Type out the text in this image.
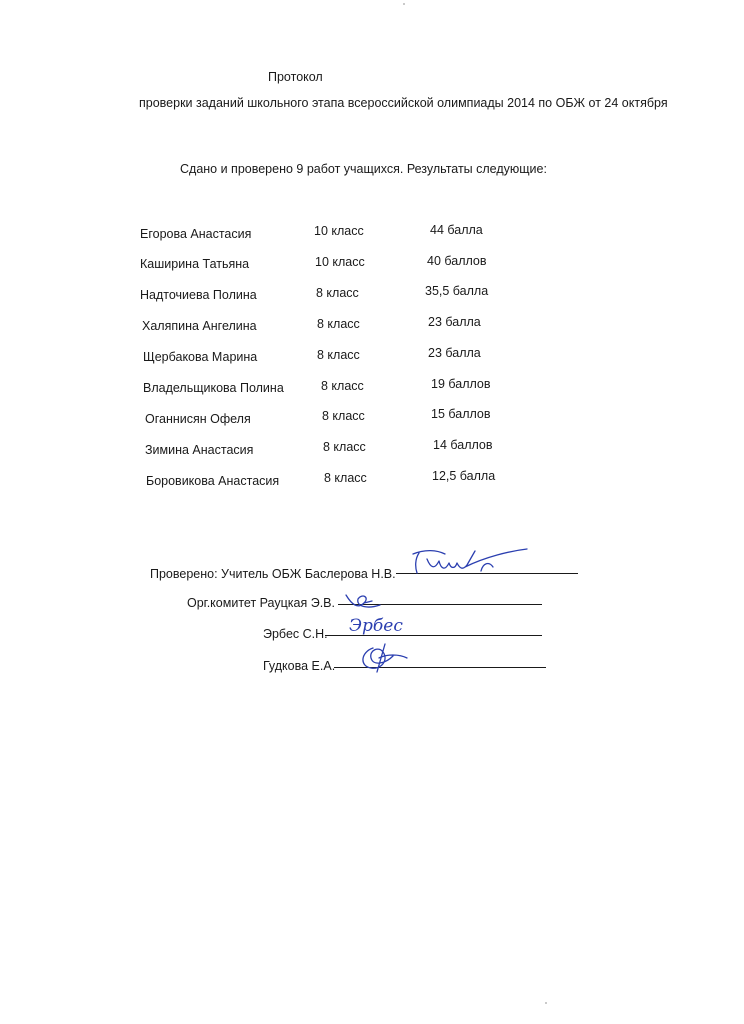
Протокол
проверки заданий школьного этапа всероссийской олимпиады 2014 по ОБЖ от 24 октября
Сдано и проверено 9 работ учащихся. Результаты следующие:
Егорова Анастасия	10 класс	44 балла
Каширина Татьяна	10 класс	40 баллов
Надточиева Полина	8 класс	35,5 балла
Халяпина Ангелина	8 класс	23 балла
Щербакова Марина	8 класс	23 балла
Владельщикова Полина	8 класс	19 баллов
Оганнисян Офеля	8 класс	15 баллов
Зимина Анастасия	8 класс	14 баллов
Боровикова Анастасия	8 класс	12,5 балла
Проверено: Учитель ОБЖ Баслерова Н.В.
Орг.комитет Рауцкая Э.В.
Эрбес С.Н. Эрбес
Гудкова Е.А.
